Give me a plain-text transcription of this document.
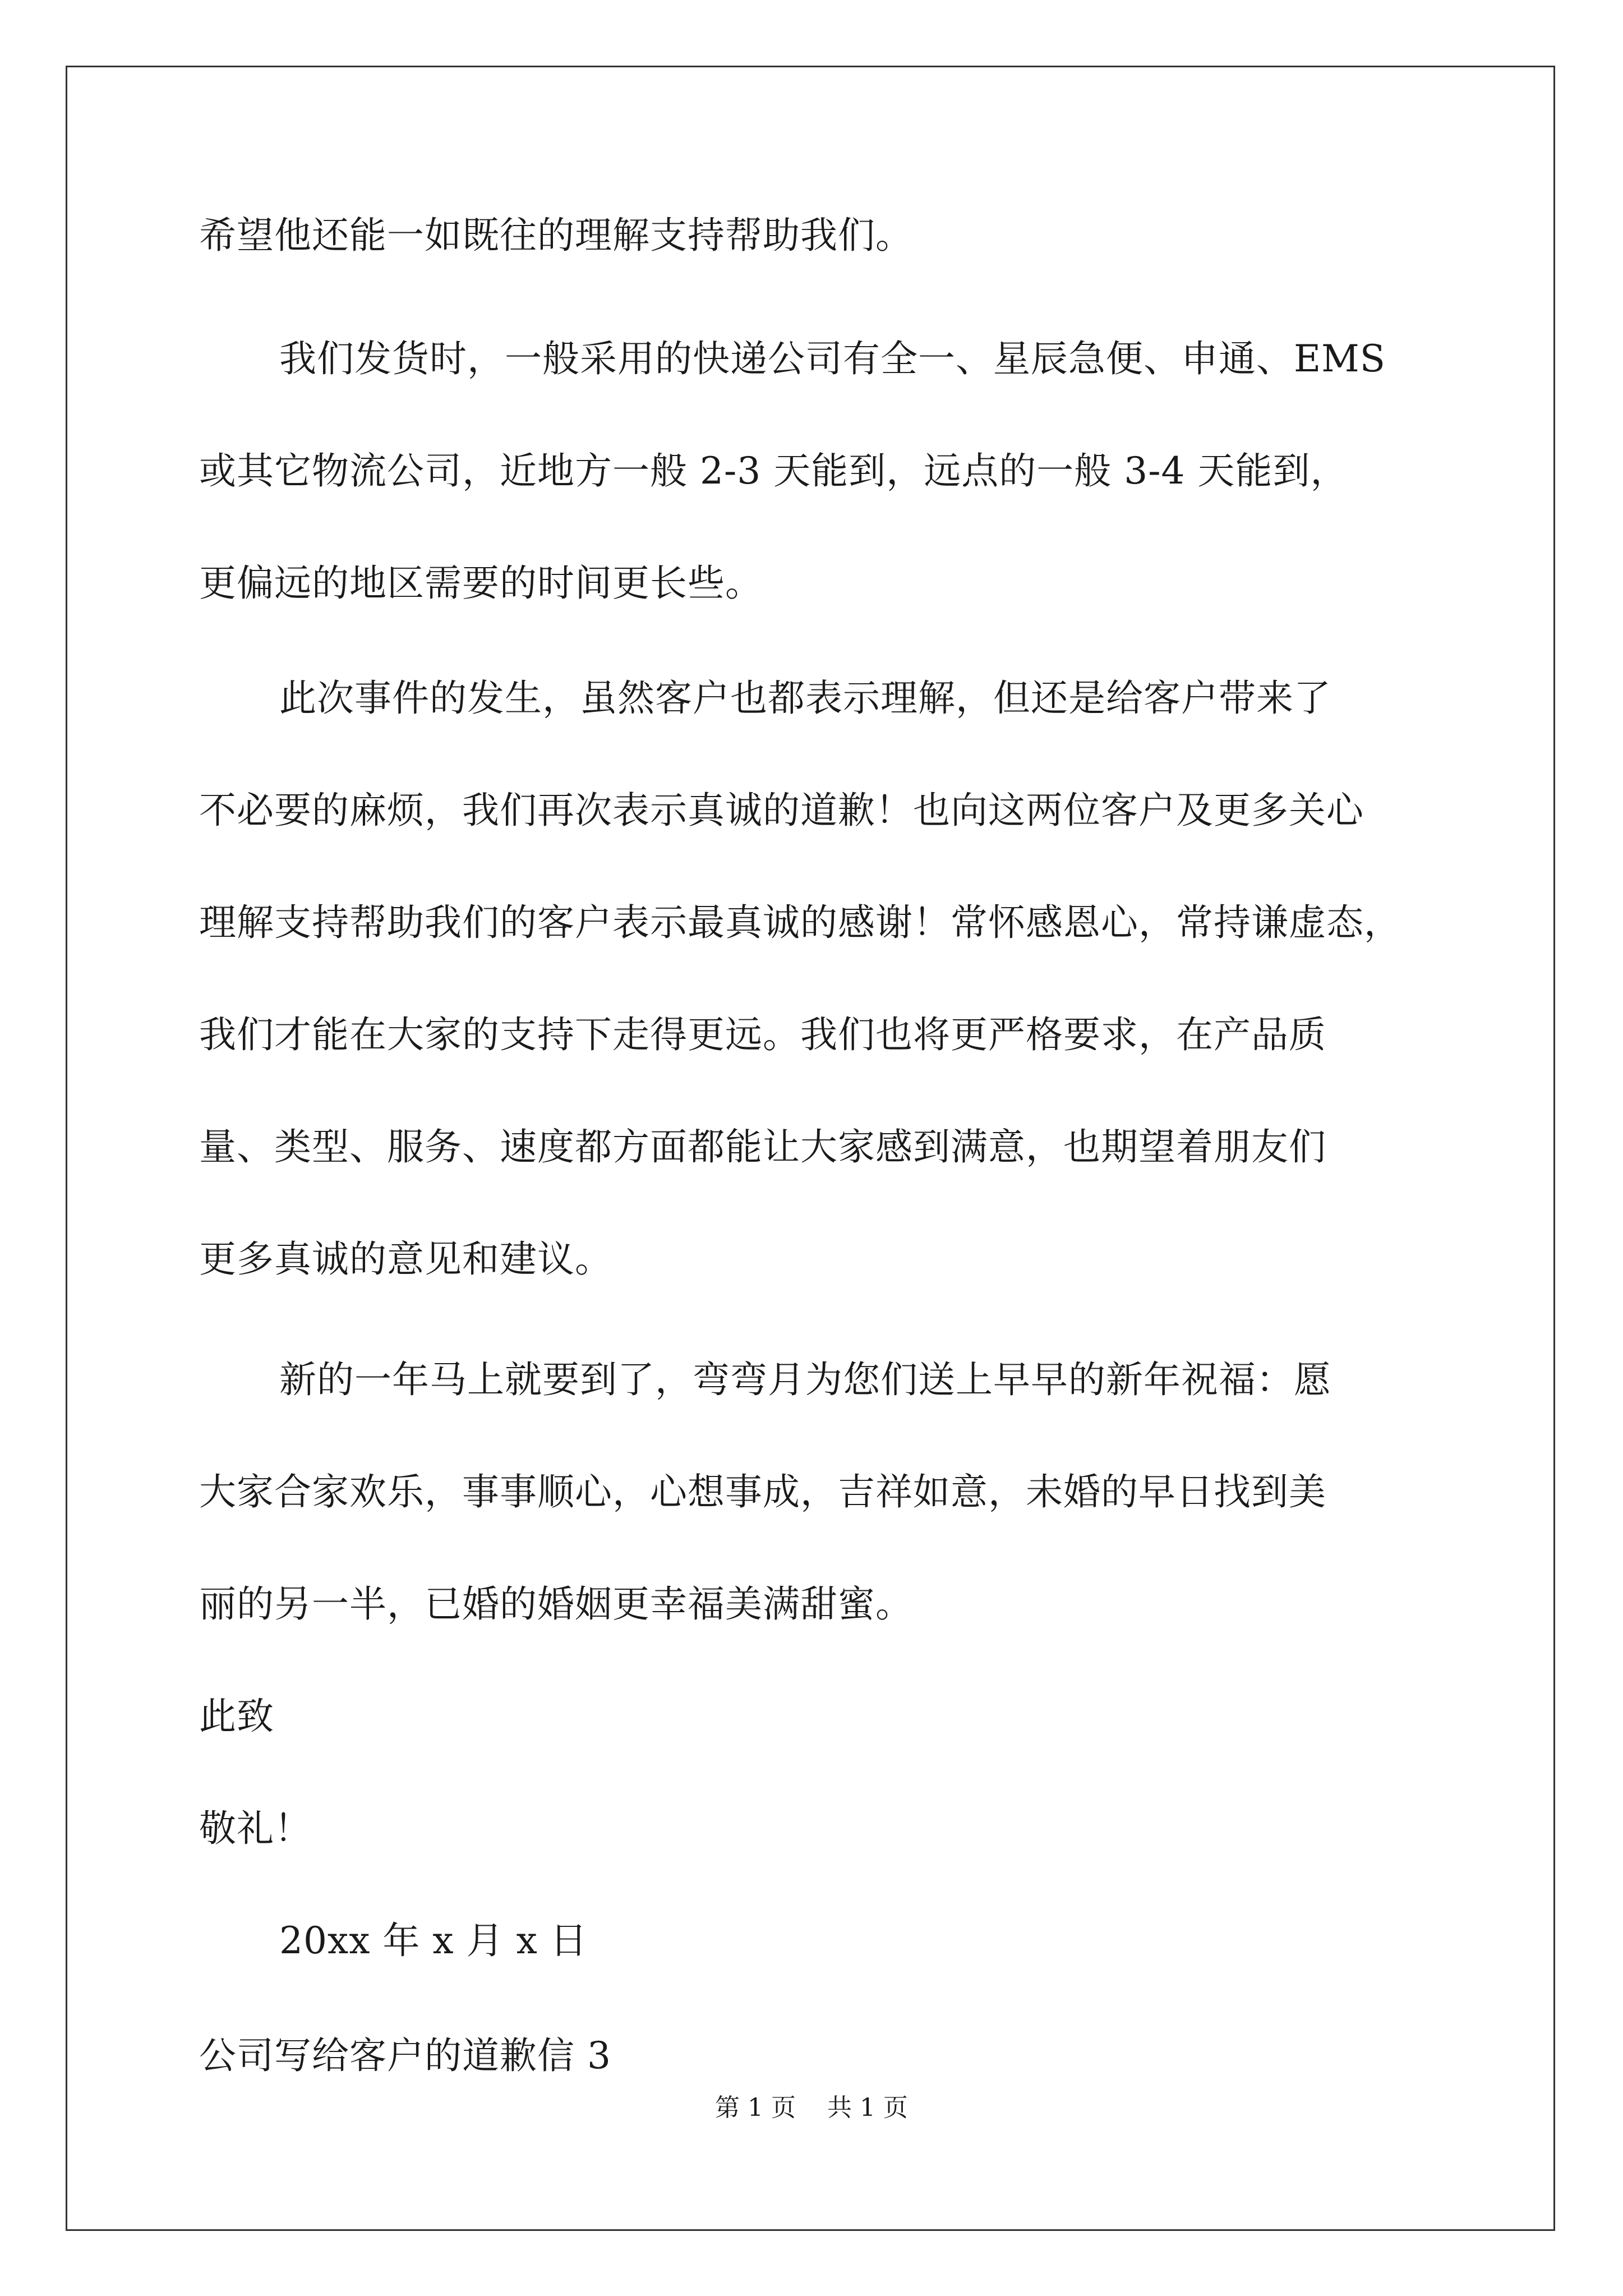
希望他还能一如既往的理解支持帮助我们。
我们发货时，一般采用的快递公司有全一、星辰急便、申通、EMS
或其它物流公司，近地方一般 2-3 天能到，远点的一般 3-4 天能到，
更偏远的地区需要的时间更长些。
此次事件的发生，虽然客户也都表示理解，但还是给客户带来了
不必要的麻烦，我们再次表示真诚的道歉！也向这两位客户及更多关心
理解支持帮助我们的客户表示最真诚的感谢！常怀感恩心，常持谦虚态，
我们才能在大家的支持下走得更远。我们也将更严格要求，在产品质
量、类型、服务、速度都方面都能让大家感到满意，也期望着朋友们
更多真诚的意见和建议。
新的一年马上就要到了，弯弯月为您们送上早早的新年祝福：愿
大家合家欢乐，事事顺心，心想事成，吉祥如意，未婚的早日找到美
丽的另一半，已婚的婚姻更幸福美满甜蜜。
此致
敬礼！
20xx 年 x 月 x 日
公司写给客户的道歉信 3
第 1 页    共 1 页
